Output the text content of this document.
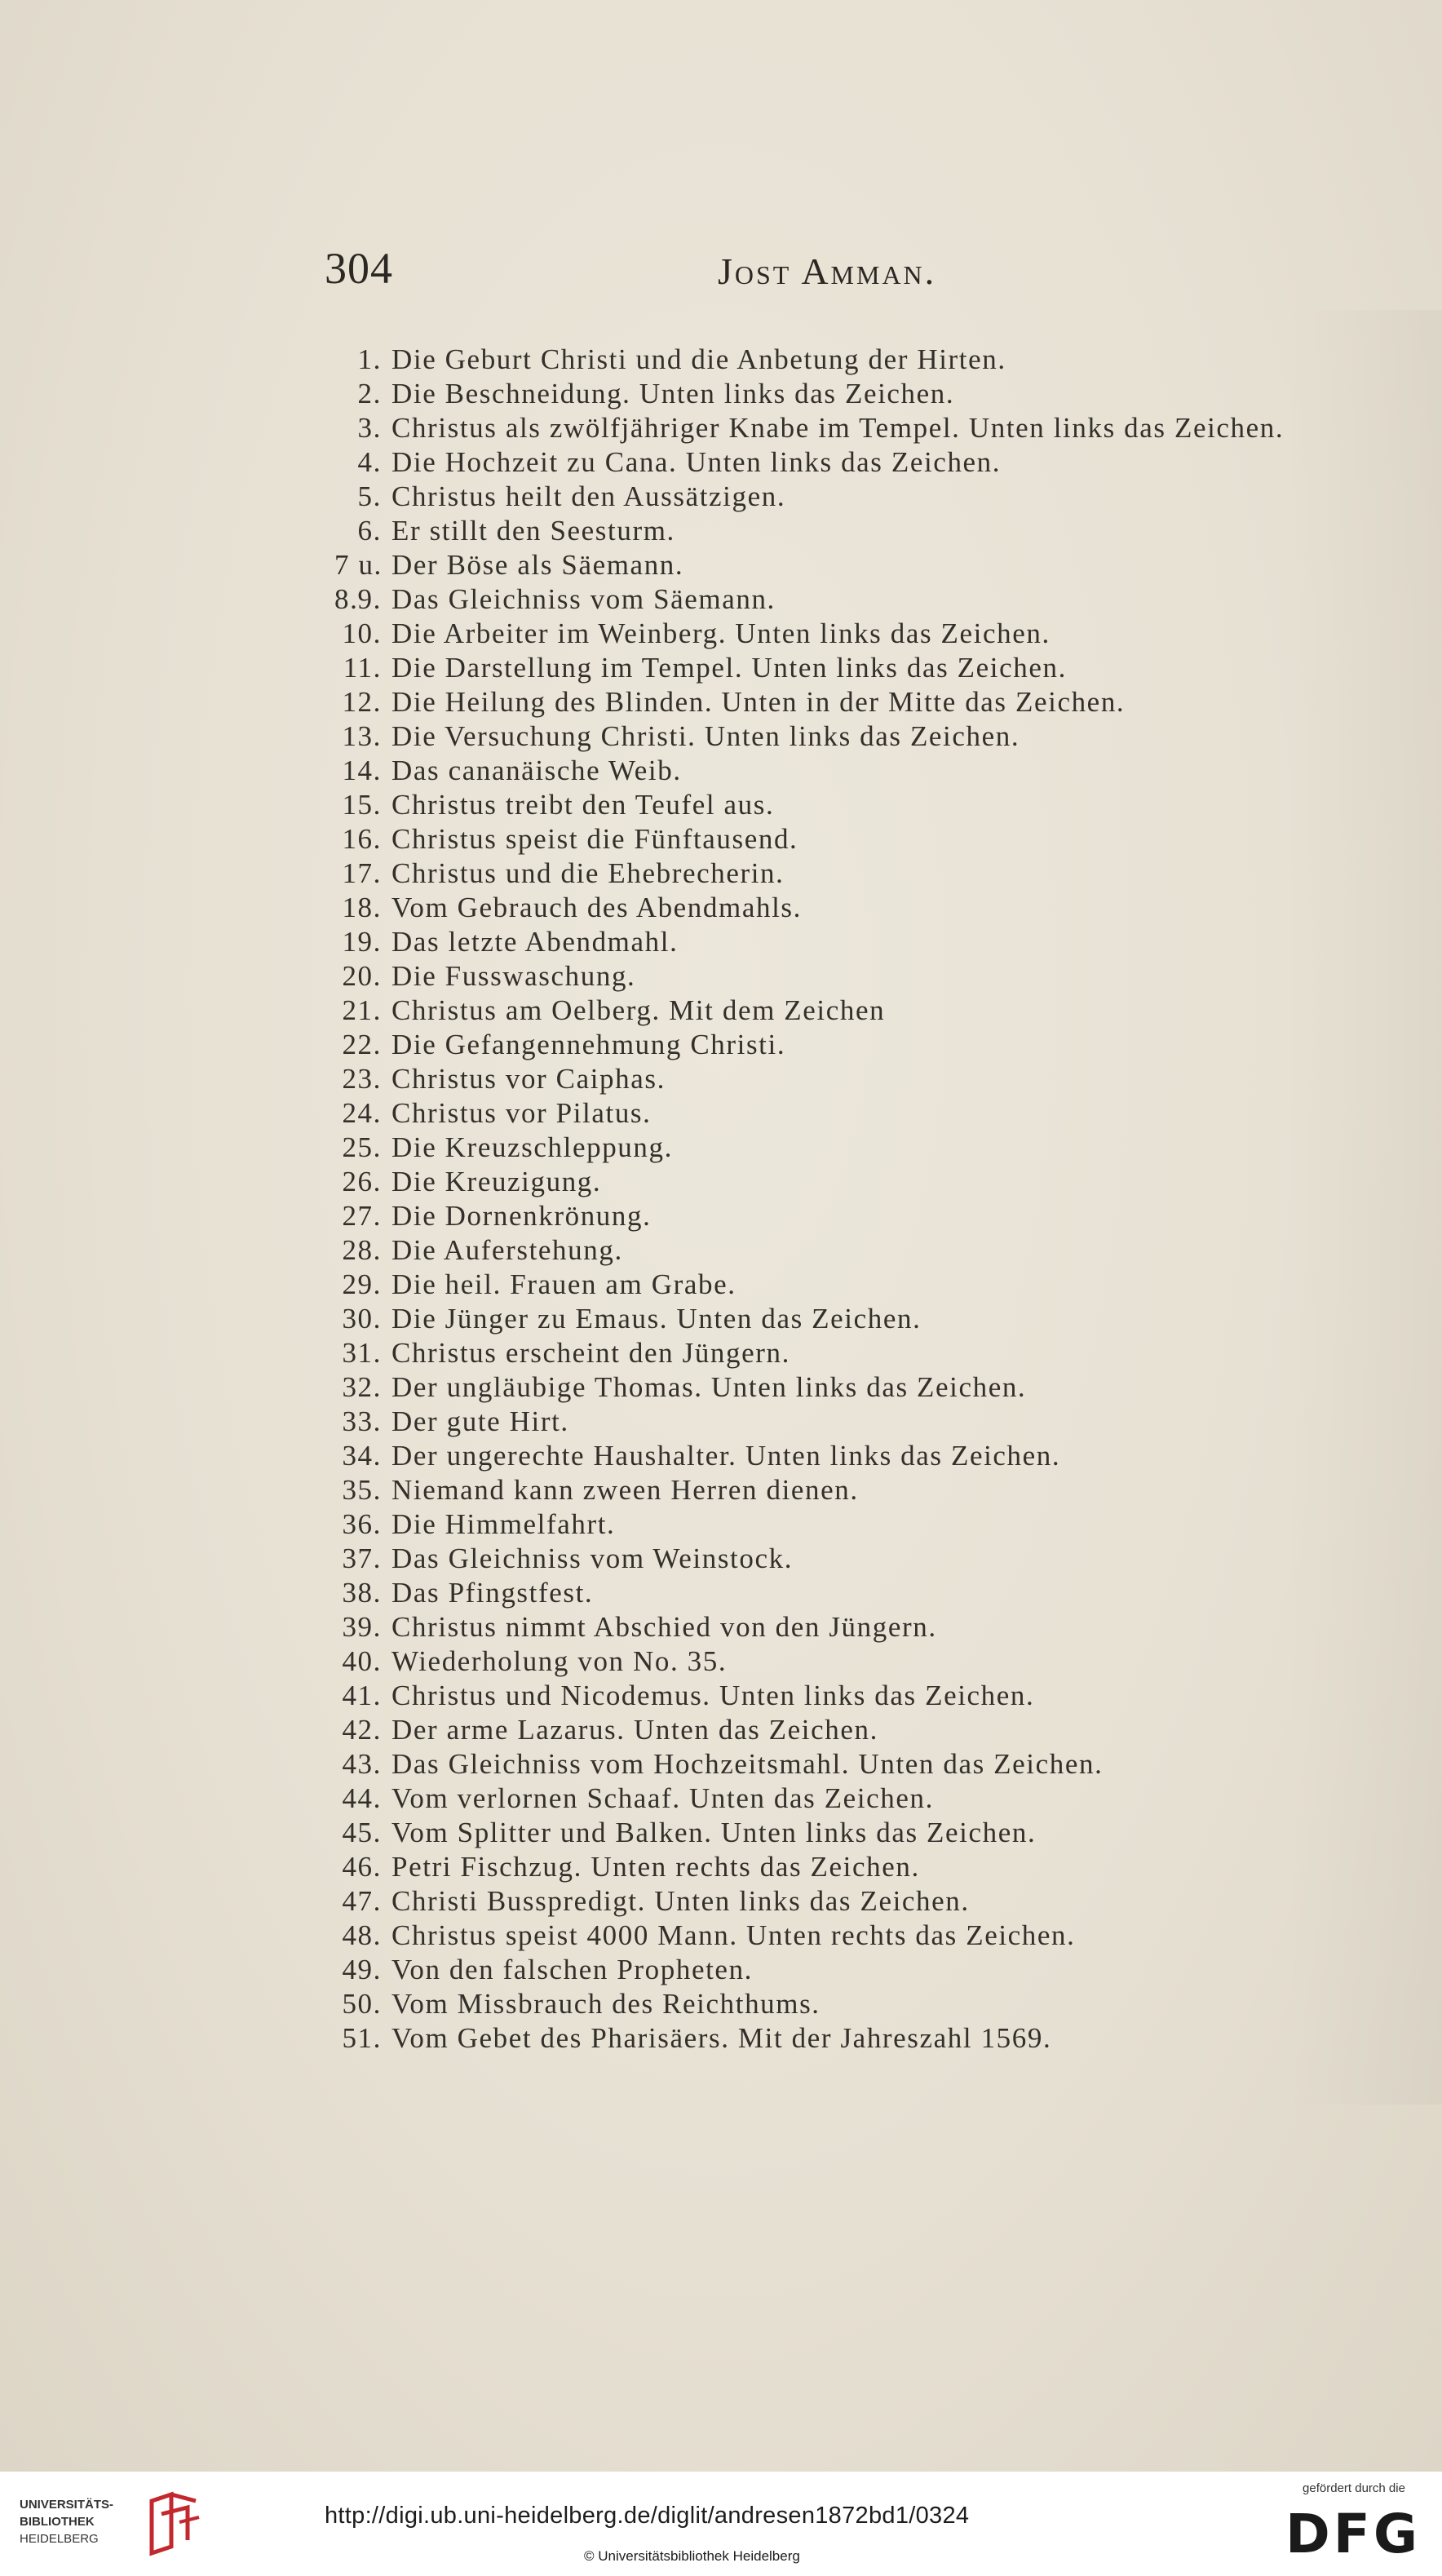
304	Jost Amman.
1. Die Geburt Christi und die Anbetung der Hirten.
2. Die Beschneidung. Unten links das Zeichen.
3. Christus als zwölfjähriger Knabe im Tempel. Unten links das Zeichen.
4. Die Hochzeit zu Cana. Unten links das Zeichen.
5. Christus heilt den Aussätzigen.
6. Er stillt den Seesturm.
7 u. 8.
Der Böse als Säemann.
9. Das Gleichniss vom Säemann.
10. Die Arbeiter im Weinberg. Unten links das Zeichen.
11. Die Darstellung im Tempel. Unten links das Zeichen.
12. Die Heilung des Blinden. Unten in der Mitte das Zeichen.
13. Die Versuchung Christi. Unten links das Zeichen.
14. Das cananäische Weib.
15. Christus treibt den Teufel aus.
16. Christus speist die Fünftausend.
17. Christus und die Ehebrecherin.
18. Vom Gebrauch des Abendmahls.
19. Das letzte Abendmahl.
20. Die Fusswaschung.
21. Christus am Oelberg. Mit dem Zeichen
22. Die Gefangennehmung Christi.
23. Christus vor Caiphas.
24. Christus vor Pilatus.
25. Die Kreuzschleppung.
26. Die Kreuzigung.
27. Die Dornenkrönung.
28. Die Auferstehung.
29. Die heil. Frauen am Grabe.
30. Die Jünger zu Emaus. Unten das Zeichen.
31. Christus erscheint den Jüngern.
32. Der ungläubige Thomas. Unten links das Zeichen.
33. Der gute Hirt.
34. Der ungerechte Haushalter. Unten links das Zeichen.
35. Niemand kann zween Herren dienen.
36. Die Himmelfahrt.
37. Das Gleichniss vom Weinstock.
38. Das Pfingstfest.
39. Christus nimmt Abschied von den Jüngern.
40. Wiederholung von No. 35.
41. Christus und Nicodemus. Unten links das Zeichen.
42. Der arme Lazarus. Unten das Zeichen.
43. Das Gleichniss vom Hochzeitsmahl. Unten das Zeichen.
44. Vom verlornen Schaaf. Unten das Zeichen.
45. Vom Splitter und Balken. Unten links das Zeichen.
46. Petri Fischzug. Unten rechts das Zeichen.
47. Christi Busspredigt. Unten links das Zeichen.
48. Christus speist 4000 Mann. Unten rechts das Zeichen.
49. Von den falschen Propheten.
50. Vom Missbrauch des Reichthums.
51. Vom Gebet des Pharisäers. Mit der Jahreszahl 1569.
UNIVERSITÄTS-
BIBLIOTHEK
HEIDELBERG
http://digi.ub.uni-heidelberg.de/diglit/andresen1872bd1/0324
© Universitätsbibliothek Heidelberg
gefördert durch die
DFG
